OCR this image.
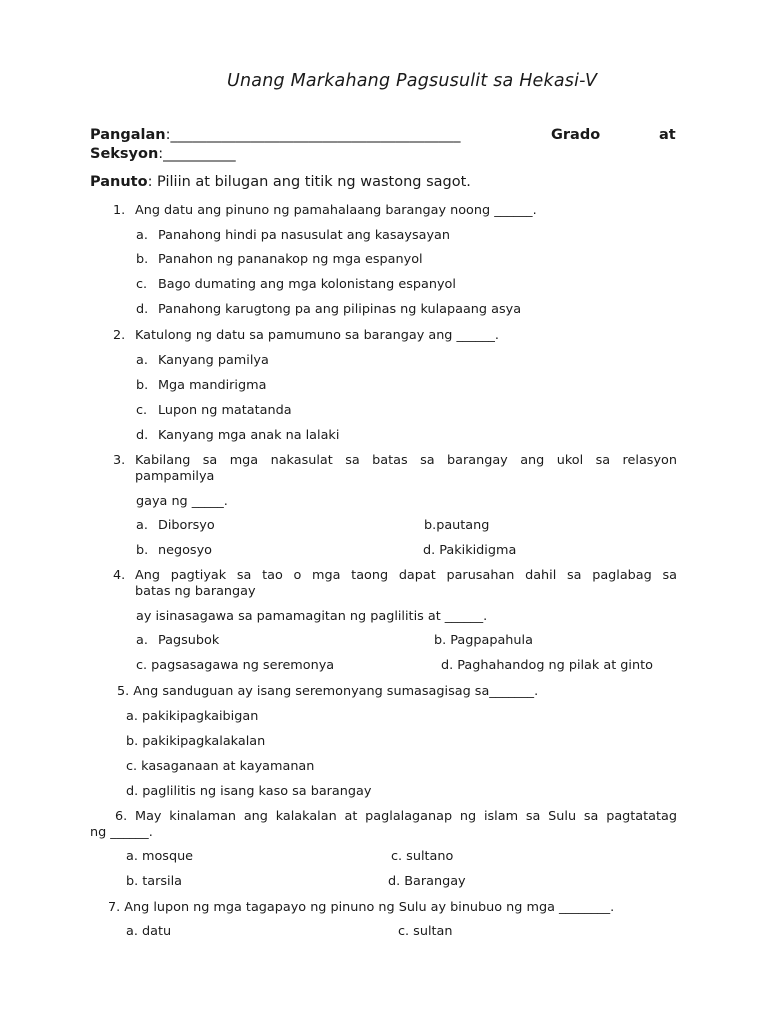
Unang Markahang Pagsusulit sa Hekasi-V
Pangalan:________________________________________	Grado	at
Seksyon:__________
Panuto: Piliin at bilugan ang titik ng wastong sagot.
1. Ang datu ang pinuno ng pamahalaang barangay noong ______.
a. Panahong hindi pa nasusulat ang kasaysayan
b. Panahon ng pananakop ng mga espanyol
c. Bago dumating ang mga kolonistang espanyol
d. Panahong karugtong pa ang pilipinas ng kulapaang asya
2. Katulong ng datu sa pamumuno sa barangay ang ______.
a. Kanyang pamilya
b. Mga mandirigma
c. Lupon ng matatanda
d. Kanyang mga anak na lalaki
3. Kabilang sa mga nakasulat sa batas sa barangay ang ukol sa relasyon
pampamilya
gaya ng _____.
a. Diborsyo	b.pautang
b. negosyo	d. Pakikidigma
4. Ang pagtiyak sa tao o mga taong dapat parusahan dahil sa paglabag sa
batas ng barangay
ay isinasagawa sa pamamagitan ng paglilitis at ______.
a. Pagsubok	b. Pagpapahula
c. pagsasagawa ng seremonya	d. Paghahandog ng pilak at ginto
5. Ang sanduguan ay isang seremonyang sumasagisag sa_______.
a. pakikipagkaibigan
b. pakikipagkalakalan
c. kasaganaan at kayamanan
d. paglilitis ng isang kaso sa barangay
6. May kinalaman ang kalakalan at paglalaganap ng islam sa Sulu sa pagtatatag
ng ______.
a. mosque	c. sultano
b. tarsila	d. Barangay
7. Ang lupon ng mga tagapayo ng pinuno ng Sulu ay binubuo ng mga ________.
a. datu	c. sultan
